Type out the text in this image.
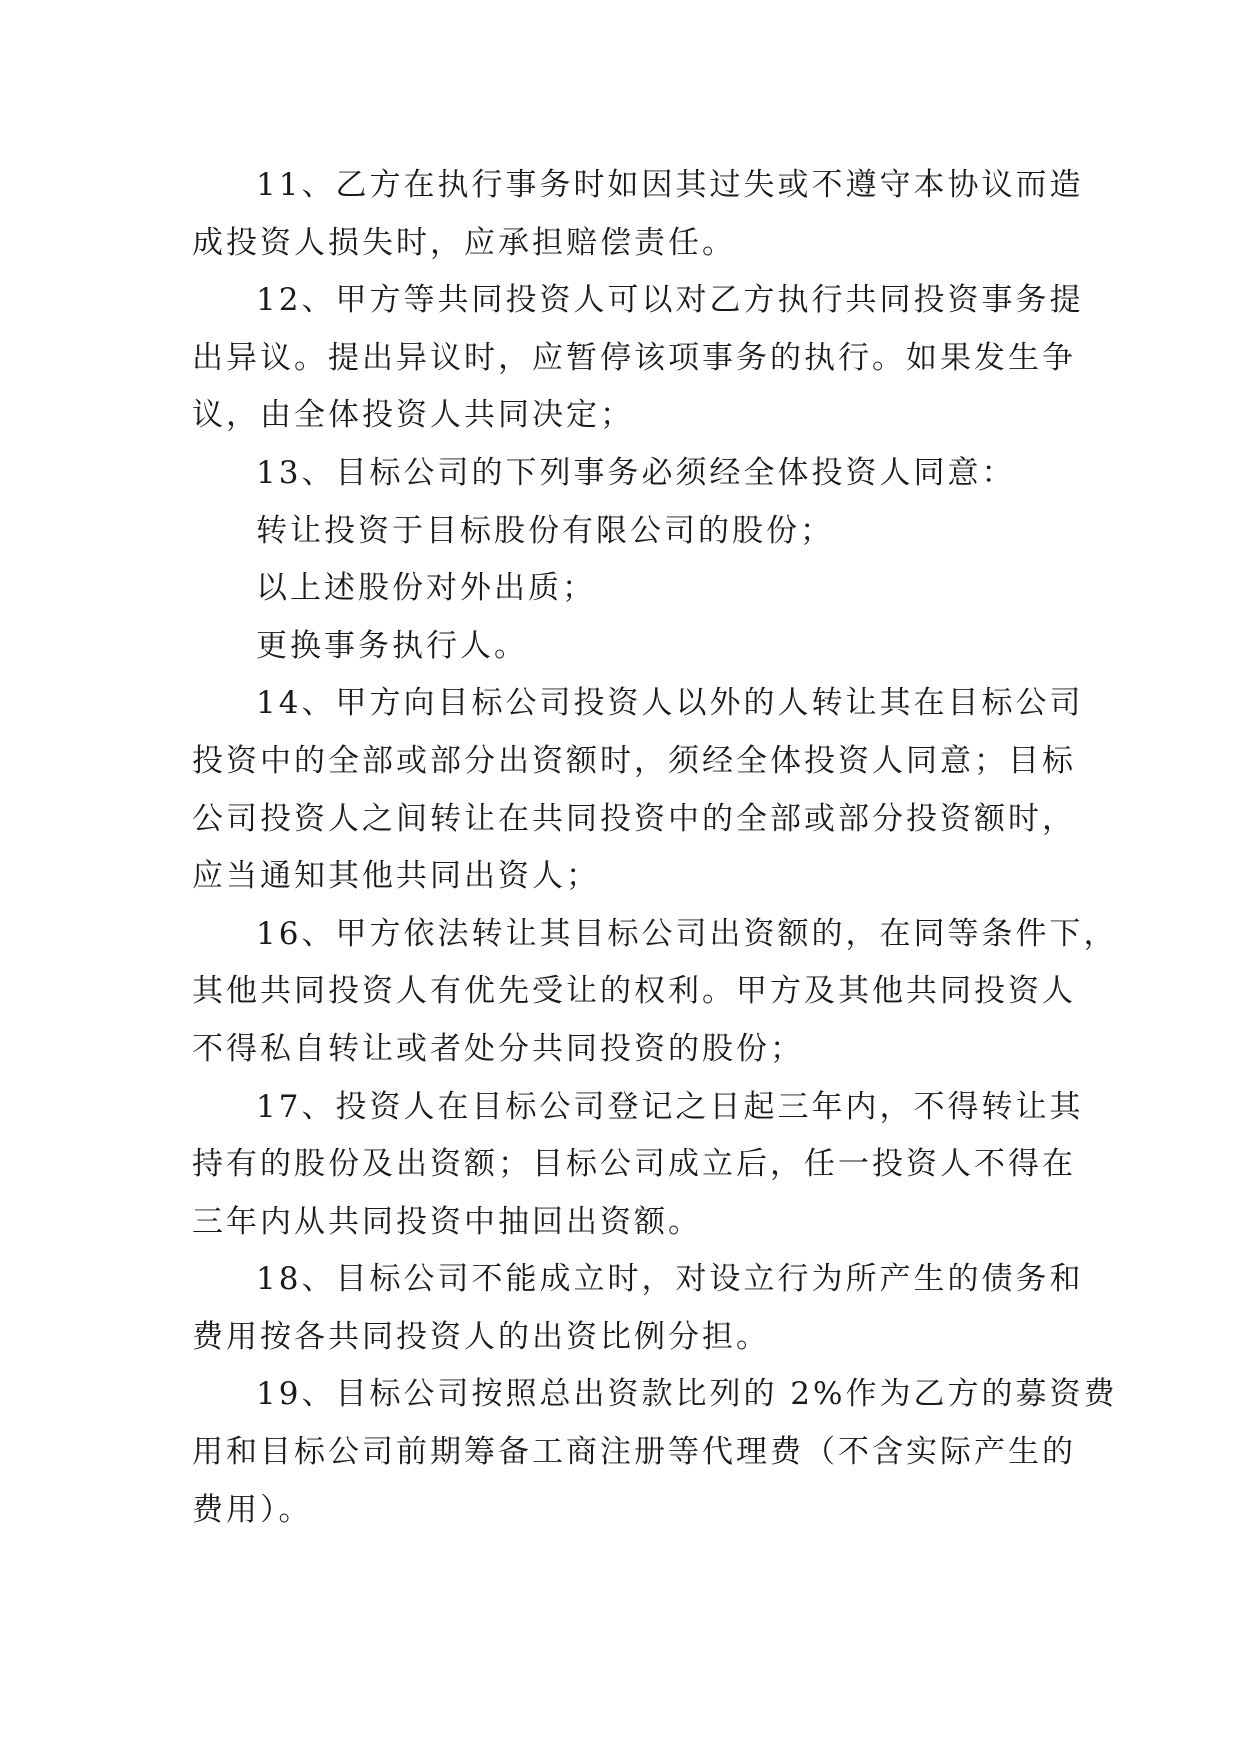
11、乙方在执行事务时如因其过失或不遵守本协议而造
成投资人损失时，应承担赔偿责任。
12、甲方等共同投资人可以对乙方执行共同投资事务提
出异议。提出异议时，应暂停该项事务的执行。如果发生争
议，由全体投资人共同决定；
13、目标公司的下列事务必须经全体投资人同意：
转让投资于目标股份有限公司的股份；
以上述股份对外出质；
更换事务执行人。
14、甲方向目标公司投资人以外的人转让其在目标公司
投资中的全部或部分出资额时，须经全体投资人同意；目标
公司投资人之间转让在共同投资中的全部或部分投资额时，
应当通知其他共同出资人；
16、甲方依法转让其目标公司出资额的，在同等条件下，
其他共同投资人有优先受让的权利。甲方及其他共同投资人
不得私自转让或者处分共同投资的股份；
17、投资人在目标公司登记之日起三年内，不得转让其
持有的股份及出资额；目标公司成立后，任一投资人不得在
三年内从共同投资中抽回出资额。
18、目标公司不能成立时，对设立行为所产生的债务和
费用按各共同投资人的出资比例分担。
19、目标公司按照总出资款比列的 2%作为乙方的募资费
用和目标公司前期筹备工商注册等代理费（不含实际产生的
费用）。
